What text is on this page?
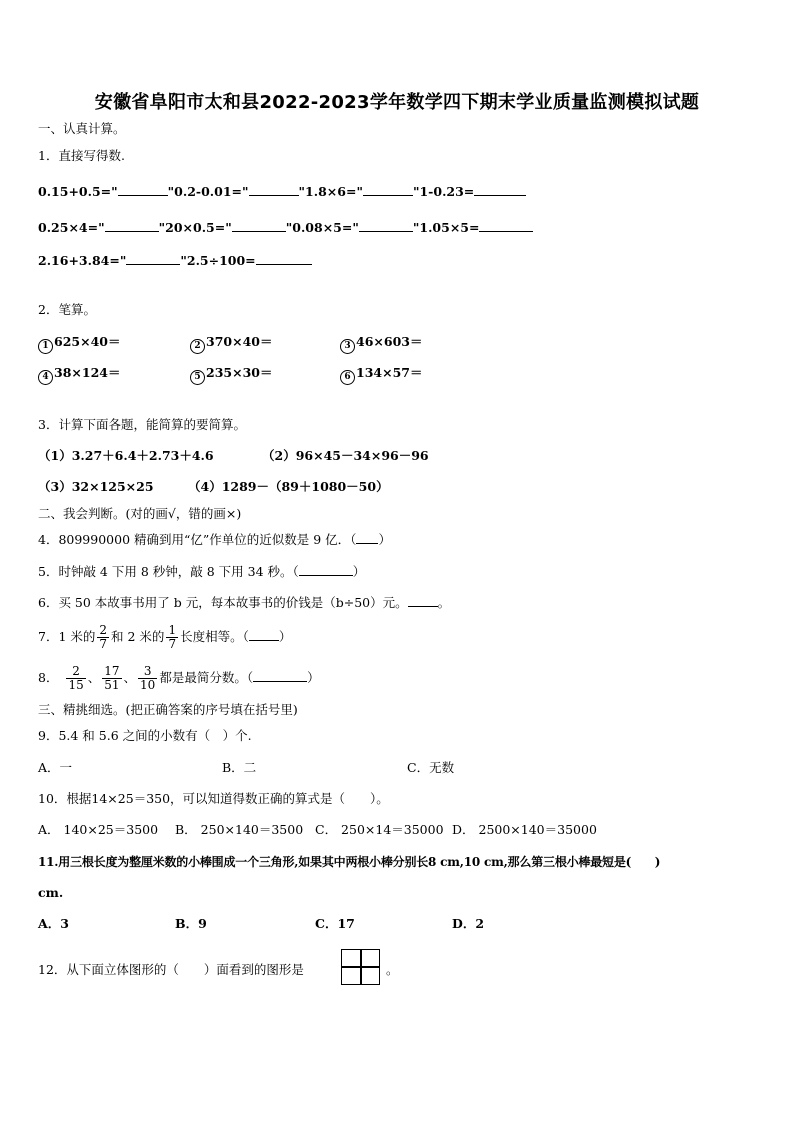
安徽省阜阳市太和县2022-2023学年数学四下期末学业质量监测模拟试题
一、认真计算。
1．直接写得数.
0.15+0.5="	"0.2-0.01="	"1.8×6="	"1-0.23=
0.25×4="	"20×0.5="	"0.08×5="	"1.05×5=
2.16+3.84="	"2.5÷100=
2．笔算。
1 625×40＝	2 370×40＝	3 46×603＝
4 38×124＝	5 235×30＝	6 134×57＝
3．计算下面各题，能简算的要简算。
（1）3.27＋6.4＋2.73＋4.6	（2）96×45－34×96－96
（3）32×125×25	（4）1289－（89＋1080－50）
二、我会判断。(对的画√，错的画×)
4．809990000 精确到用“亿”作单位的近似数是 9 亿．（ ）
5．时钟敲 4 下用 8 秒钟，敲 8 下用 34 秒。（	）
6．买 50 本故事书用了 b 元，每本故事书的价钱是（b÷50）元。 。
7．1 米的 $\frac{2}{7}$ 和 2 米的 $\frac{1}{7}$ 长度相等。（ ）
8． $\frac{2}{15}$ 、 $\frac{17}{51}$ 、 $\frac{3}{10}$ 都是最简分数。（	）
三、精挑细选。(把正确答案的序号填在括号里)
9．5.4 和 5.6 之间的小数有（　）个.
A．一	B．二	C．无数
10．根据14×25＝350，可以知道得数正确的算式是（　　）。
A． 140×25＝3500 B． 250×140＝3500 C． 250×14＝35000 D． 2500×140＝35000
11.用三根长度为整厘米数的小棒围成一个三角形,如果其中两根小棒分别长8 cm,10 cm,那么第三根小棒最短是(　　)
cm.
A．3	B．9	C．17	D．2
12．从下面立体图形的（　　）面看到的图形是	。
